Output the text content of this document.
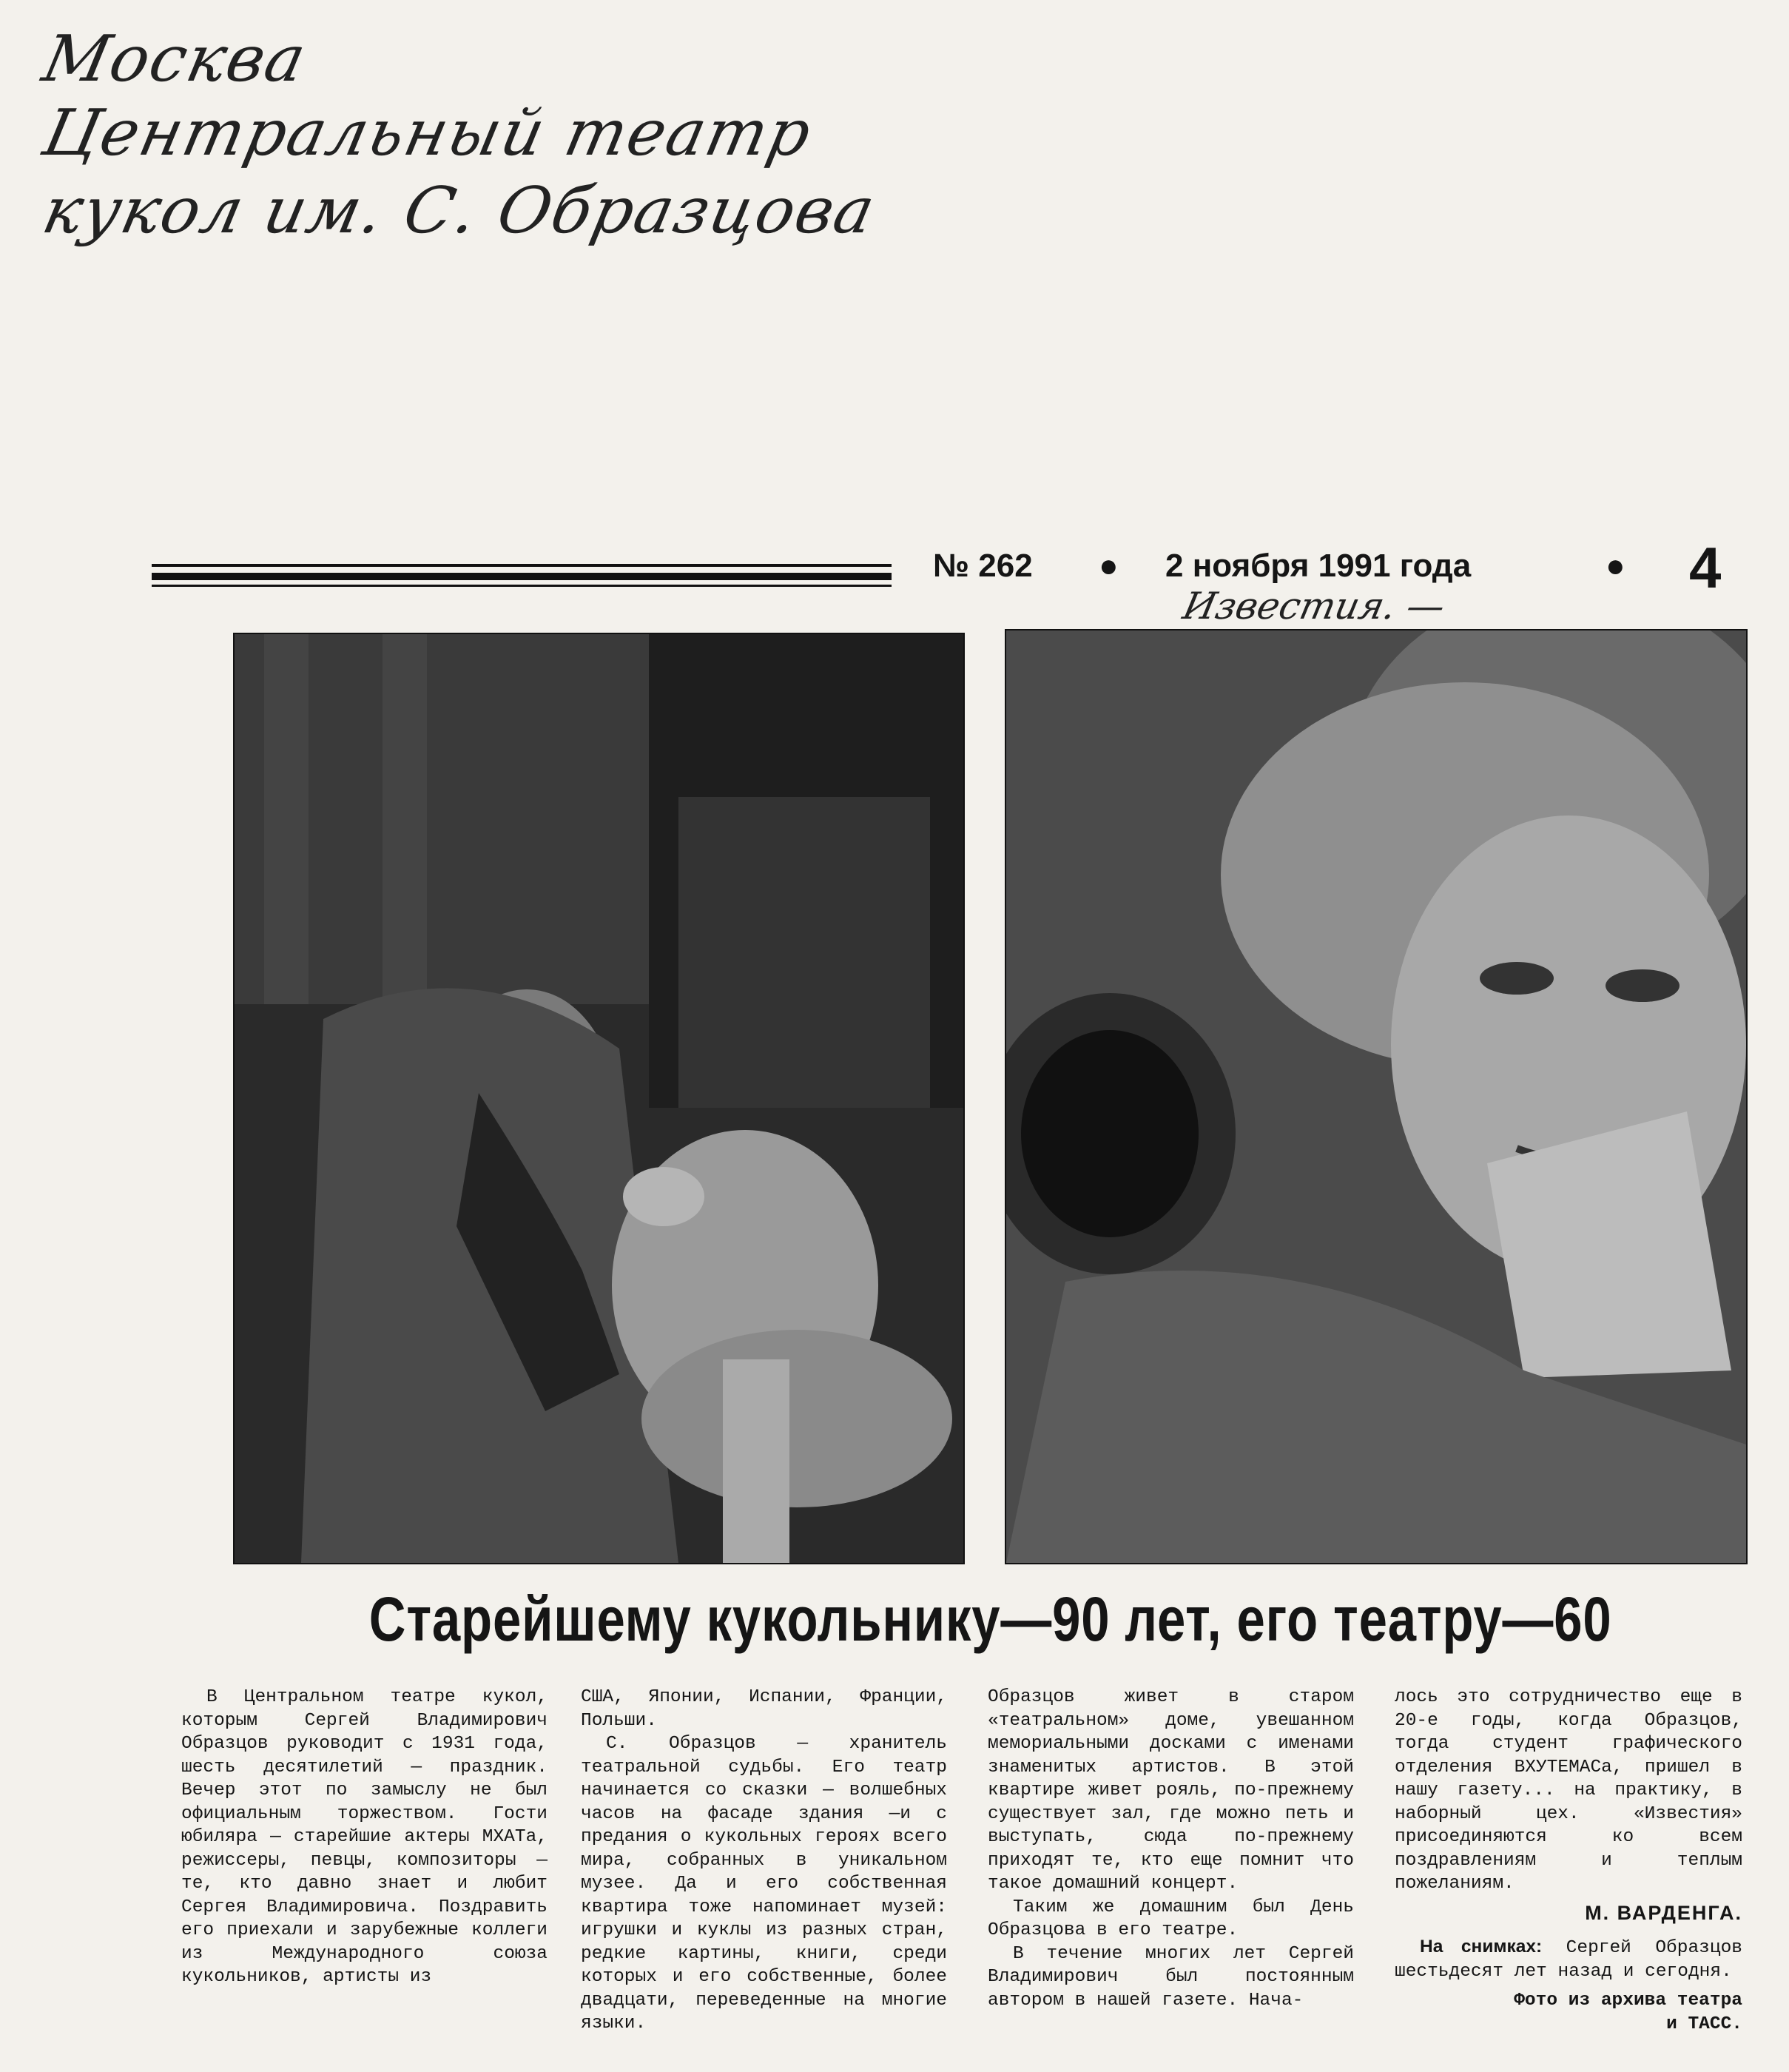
Москва
Центральный театр
кукол им. С. Образцова
№ 262 ● 2 ноября 1991 года	● 4
Известия. —
Старейшему кукольнику—90 лет, его театру—60

В Центральном театре кукол, которым Сергей Владимирович Образцов руководит с 1931 года, шесть десятилетий — праздник. Вечер этот по замыслу не был официальным торжеством. Гости юбиляра — старейшие актеры МХАТа, режиссеры, певцы, композиторы — те, кто давно знает и любит Сергея Владимировича. Поздравить его приехали и зарубежные коллеги из Международного союза кукольников, артисты из

США, Японии, Испании, Франции, Польши.

С. Образцов — хранитель театральной судьбы. Его театр начинается со сказки — волшебных часов на фасаде здания —и с предания о кукольных героях всего мира, собранных в уникальном музее. Да и его собственная квартира тоже напоминает музей: игрушки и куклы из разных стран, редкие картины, книги, среди которых и его собственные, более двадцати, переведенные на многие языки.

Образцов живет в старом «театральном» доме, увешанном мемориальными досками с именами знаменитых артистов. В этой квартире живет рояль, по-прежнему существует зал, где можно петь и выступать, сюда по-прежнему приходят те, кто еще помнит что такое домашний концерт.

Таким же домашним был День Образцова в его театре.

В течение многих лет Сергей Владимирович был постоянным автором в нашей газете. Начa-

лось это сотрудничество еще в 20-е годы, когда Образцов, тогда студент графического отделения ВХУТЕМАСа, пришел в нашу газету... на практику, в наборный цех. «Известия» присоединяются ко всем поздравлениям и теплым пожеланиям.

М. ВАРДЕНГА.

На снимках: Сергей Образцов шестьдесят лет назад и сегодня.

Фото из архива театра
и ТАСС.
